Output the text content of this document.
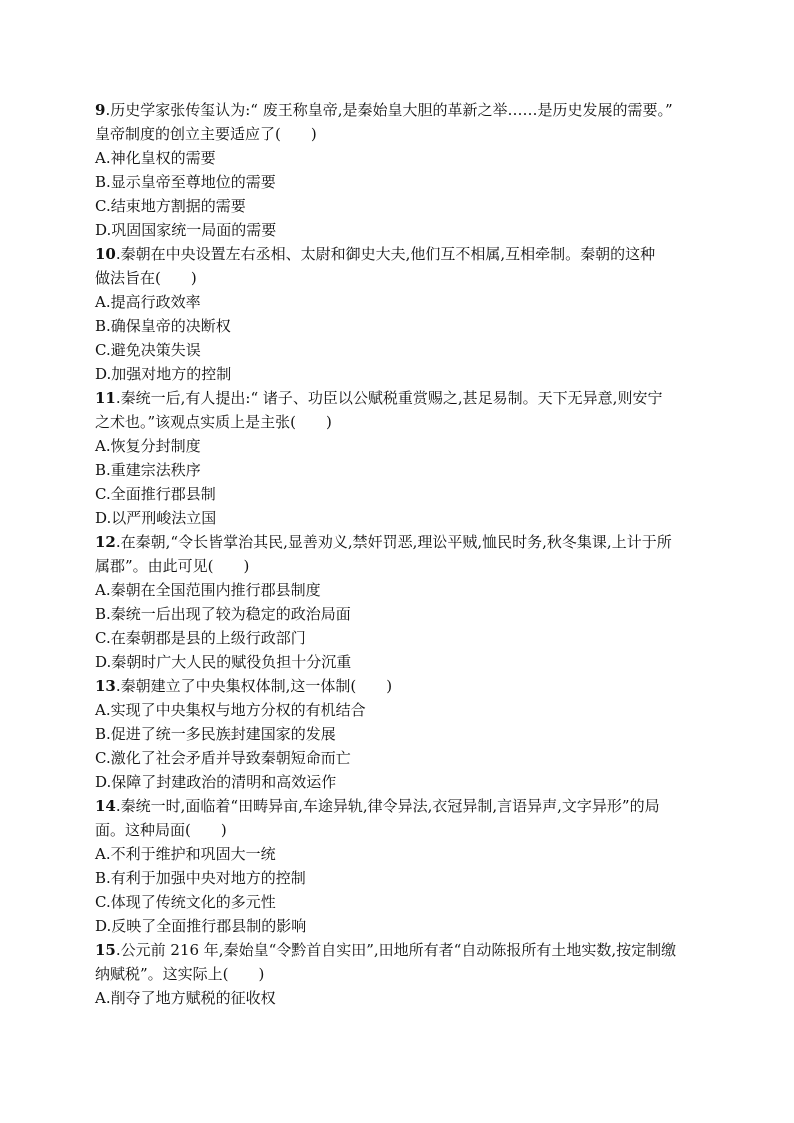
9.历史学家张传玺认为:“ 废王称皇帝,是秦始皇大胆的革新之举……是历史发展的需要。”
皇帝制度的创立主要适应了(　　)
A.神化皇权的需要
B.显示皇帝至尊地位的需要
C.结束地方割据的需要
D.巩固国家统一局面的需要
10.秦朝在中央设置左右丞相、太尉和御史大夫,他们互不相属,互相牵制。秦朝的这种
做法旨在(　　)
A.提高行政效率
B.确保皇帝的决断权
C.避免决策失误
D.加强对地方的控制
11.秦统一后,有人提出:“ 诸子、功臣以公赋税重赏赐之,甚足易制。天下无异意,则安宁
之术也。”该观点实质上是主张(　　)
A.恢复分封制度
B.重建宗法秩序
C.全面推行郡县制
D.以严刑峻法立国
12.在秦朝,“令长皆掌治其民,显善劝义,禁奸罚恶,理讼平贼,恤民时务,秋冬集课,上计于所
属郡”。由此可见(　　)
A.秦朝在全国范围内推行郡县制度
B.秦统一后出现了较为稳定的政治局面
C.在秦朝郡是县的上级行政部门
D.秦朝时广大人民的赋役负担十分沉重
13.秦朝建立了中央集权体制,这一体制(　　)
A.实现了中央集权与地方分权的有机结合
B.促进了统一多民族封建国家的发展
C.激化了社会矛盾并导致秦朝短命而亡
D.保障了封建政治的清明和高效运作
14.秦统一时,面临着“田畴异亩,车途异轨,律令异法,衣冠异制,言语异声,文字异形”的局
面。这种局面(　　)
A.不利于维护和巩固大一统
B.有利于加强中央对地方的控制
C.体现了传统文化的多元性
D.反映了全面推行郡县制的影响
15.公元前 216 年,秦始皇“令黔首自实田”,田地所有者“自动陈报所有土地实数,按定制缴
纳赋税”。这实际上(　　)
A.削夺了地方赋税的征收权
